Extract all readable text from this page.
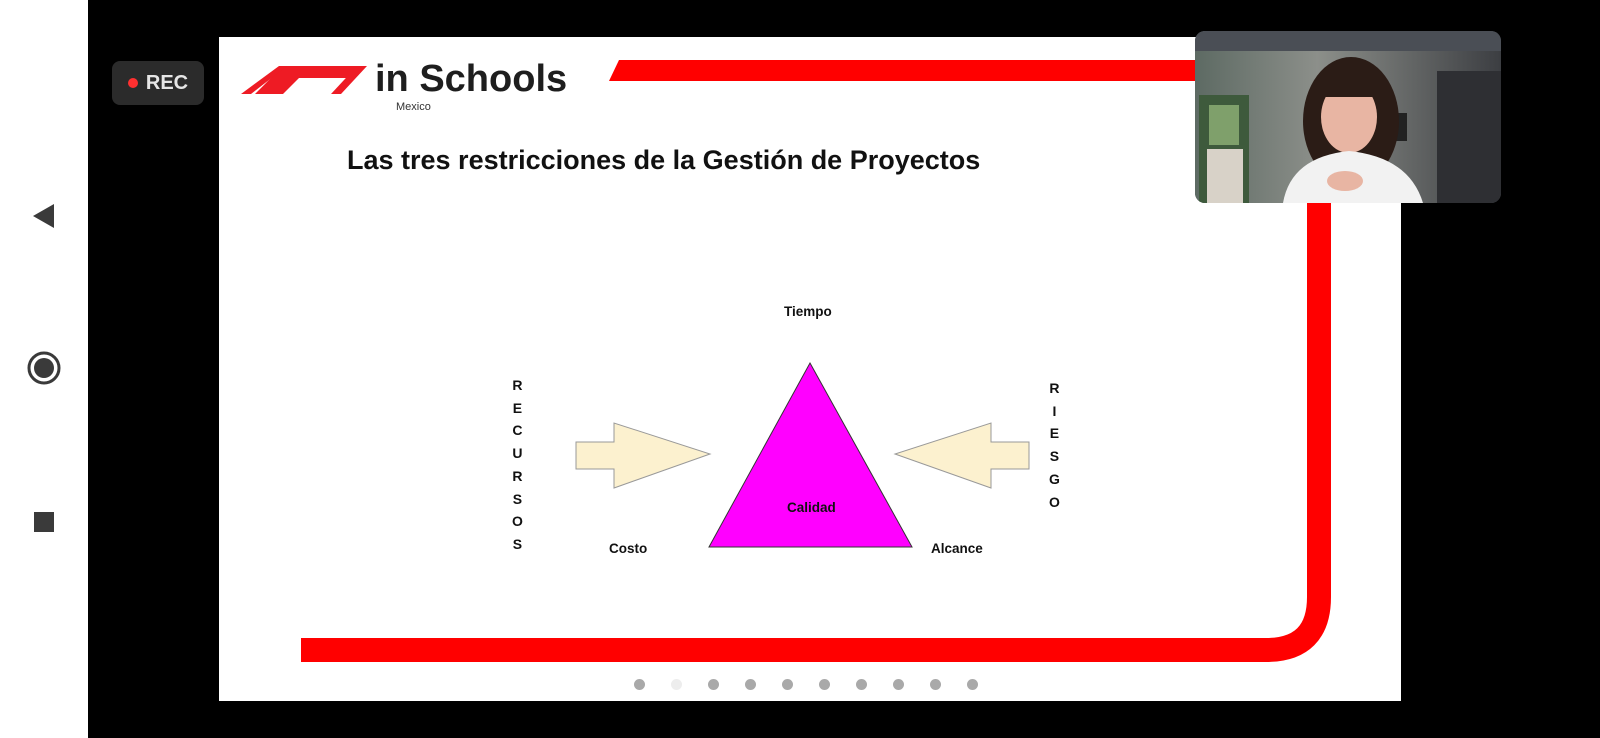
REC	in Schools
Mexico
Las tres restricciones de la Gestión de Proyectos
Tiempo
Calidad
Costo	Alcance
R
E
C
U
R
S
O
S
R
I
E
S
G
O
